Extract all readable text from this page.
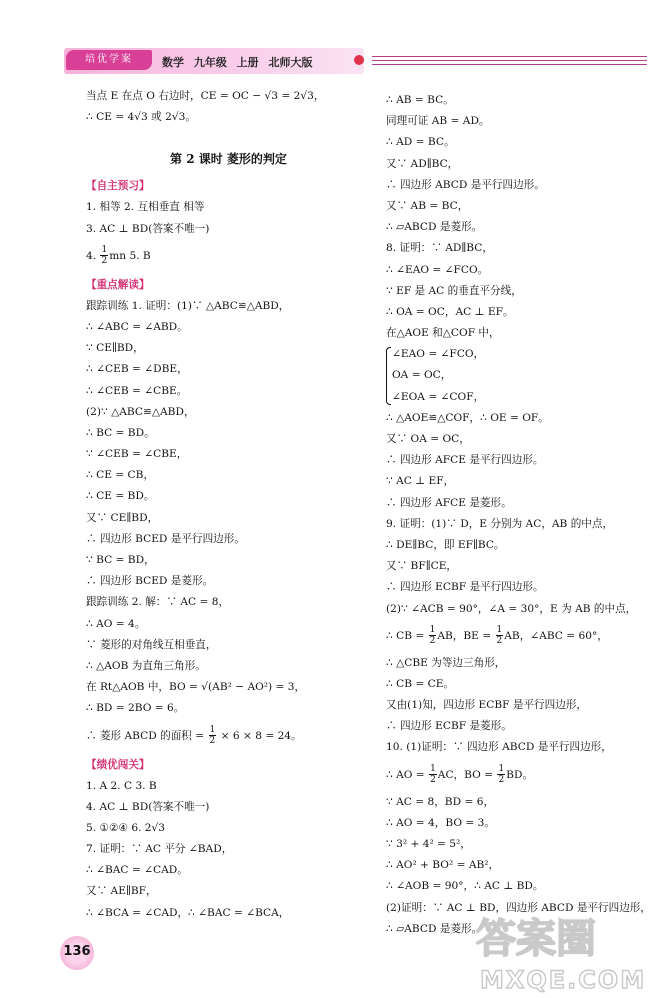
培优学案	数学 九年级 上册 北师大版
当点 E 在点 O 右边时，CE = OC − √3 = 2√3，
∴ CE = 4√3 或 2√3。
第 2 课时 菱形的判定
【自主预习】
1. 相等 2. 互相垂直 相等
3. AC ⊥ BD(答案不唯一)
4. $\frac{1}{2}$ mn 5. B
【重点解读】
跟踪训练 1. 证明：(1)∵ △ABC≌△ABD，
∴ ∠ABC = ∠ABD。
∵ CE∥BD，
∴ ∠CEB = ∠DBE，
∴ ∠CEB = ∠CBE。
(2)∵ △ABC≌△ABD，
∴ BC = BD。
∵ ∠CEB = ∠CBE，
∴ CE = CB，
∴ CE = BD。
又∵ CE∥BD，
∴ 四边形 BCED 是平行四边形。
∵ BC = BD，
∴ 四边形 BCED 是菱形。
跟踪训练 2. 解：∵ AC = 8，
∴ AO = 4。
∵ 菱形的对角线互相垂直，
∴ △AOB 为直角三角形。
在 Rt△AOB 中，BO = √(AB² − AO²) = 3，
∴ BD = 2BO = 6。
∴ 菱形 ABCD 的面积 = $\frac{1}{2} \times 6 \times 8 = 24$。
【绩优闯关】
1. A 2. C 3. B
4. AC ⊥ BD(答案不唯一)
5. ①②④ 6. 2√3
7. 证明：∵ AC 平分 ∠BAD，
∴ ∠BAC = ∠CAD。
又∵ AE∥BF，
∴ ∠BCA = ∠CAD，∴ ∠BAC = ∠BCA，
∴ AB = BC。
同理可证 AB = AD。
∴ AD = BC。
又∵ AD∥BC，
∴ 四边形 ABCD 是平行四边形。
又∵ AB = BC，
∴ ▱ABCD 是菱形。
8. 证明：∵ AD∥BC，
∴ ∠EAO = ∠FCO。
∵ EF 是 AC 的垂直平分线，
∴ OA = OC，AC ⊥ EF。
在△AOE 和△COF 中，
∠EAO = ∠FCO，
OA = OC，
∠EOA = ∠COF，
∴ △AOE≌△COF，∴ OE = OF。
又∵ OA = OC，
∴ 四边形 AFCE 是平行四边形。
∵ AC ⊥ EF，
∴ 四边形 AFCE 是菱形。
9. 证明：(1)∵ D，E 分别为 AC，AB 的中点，
∴ DE∥BC，即 EF∥BC。
又∵ BF∥CE，
∴ 四边形 ECBF 是平行四边形。
(2)∵ ∠ACB = 90°，∠A = 30°，E 为 AB 的中点，
∴ CB = $\frac{1}{2}$ AB，BE = $\frac{1}{2}$ AB，∠ABC = 60°，
∴ △CBE 为等边三角形，
∴ CB = CE。
又由(1)知，四边形 ECBF 是平行四边形，
∴ 四边形 ECBF 是菱形。
10. (1)证明：∵ 四边形 ABCD 是平行四边形，
∴ AO = $\frac{1}{2}$ AC，BO = $\frac{1}{2}$ BD。
∵ AC = 8，BD = 6，
∴ AO = 4，BO = 3。
∵ 3² + 4² = 5²，
∴ AO² + BO² = AB²，
∴ ∠AOB = 90°，∴ AC ⊥ BD。
(2)证明：∵ AC ⊥ BD，四边形 ABCD 是平行四边形，
∴ ▱ABCD 是菱形。
136	答案圈
MXQE.COM
